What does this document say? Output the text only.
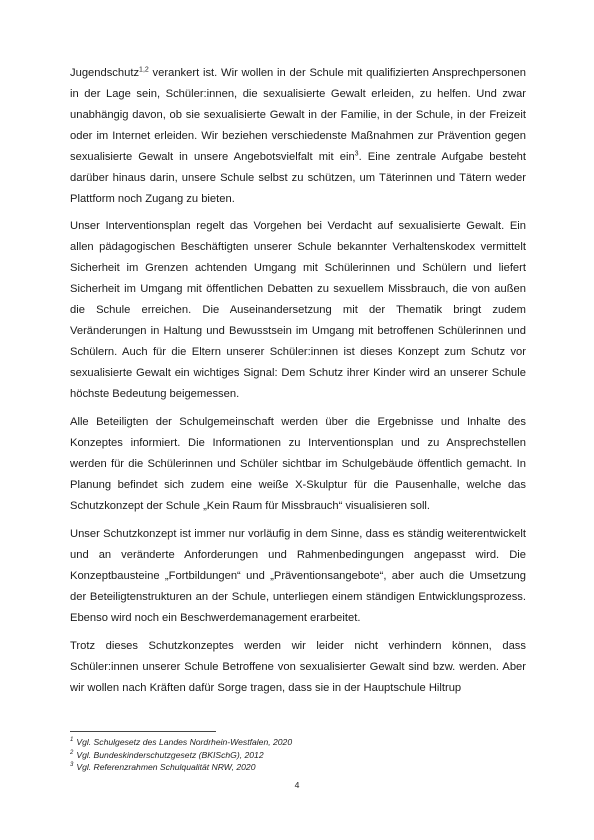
Jugendschutz$^{1,2}$ verankert ist. Wir wollen in der Schule mit qualifizierten Ansprechpersonen in der Lage sein, Schüler:innen, die sexualisierte Gewalt erleiden, zu helfen. Und zwar unabhängig davon, ob sie sexualisierte Gewalt in der Familie, in der Schule, in der Freizeit oder im Internet erleiden. Wir beziehen verschiedenste Maßnahmen zur Prävention gegen sexualisierte Gewalt in unsere Angebotsvielfalt mit ein$^3$. Eine zentrale Aufgabe besteht darüber hinaus darin, unsere Schule selbst zu schützen, um Täterinnen und Tätern weder Plattform noch Zugang zu bieten.

Unser Interventionsplan regelt das Vorgehen bei Verdacht auf sexualisierte Gewalt. Ein allen pädagogischen Beschäftigten unserer Schule bekannter Verhaltenskodex vermittelt Sicherheit im Grenzen achtenden Umgang mit Schülerinnen und Schülern und liefert Sicherheit im Umgang mit öffentlichen Debatten zu sexuellem Missbrauch, die von außen die Schule erreichen. Die Auseinandersetzung mit der Thematik bringt zudem Veränderungen in Haltung und Bewusstsein im Umgang mit betroffenen Schülerinnen und Schülern. Auch für die Eltern unserer Schüler:innen ist dieses Konzept zum Schutz vor sexualisierte Gewalt ein wichtiges Signal: Dem Schutz ihrer Kinder wird an unserer Schule höchste Bedeutung beigemessen.

Alle Beteiligten der Schulgemeinschaft werden über die Ergebnisse und Inhalte des Konzeptes informiert. Die Informationen zu Interventionsplan und zu Ansprechstellen werden für die Schülerinnen und Schüler sichtbar im Schulgebäude öffentlich gemacht. In Planung befindet sich zudem eine weiße X-Skulptur für die Pausenhalle, welche das Schutzkonzept der Schule „Kein Raum für Missbrauch“ visualisieren soll.

Unser Schutzkonzept ist immer nur vorläufig in dem Sinne, dass es ständig weiterentwickelt und an veränderte Anforderungen und Rahmenbedingungen angepasst wird. Die Konzeptbausteine „Fortbildungen“ und „Präventionsangebote“, aber auch die Umsetzung der Beteiligtenstrukturen an der Schule, unterliegen einem ständigen Entwicklungsprozess. Ebenso wird noch ein Beschwerdemanagement erarbeitet.

Trotz dieses Schutzkonzeptes werden wir leider nicht verhindern können, dass Schüler:innen unserer Schule Betroffene von sexualisierter Gewalt sind bzw. werden. Aber wir wollen nach Kräften dafür Sorge tragen, dass sie in der Hauptschule Hiltrup

$^1$ Vgl. Schulgesetz des Landes Nordrhein-Westfalen, 2020
$^2$ Vgl. Bundeskinderschutzgesetz (BKISchG), 2012
$^3$ Vgl. Referenzrahmen Schulqualität NRW, 2020
4
